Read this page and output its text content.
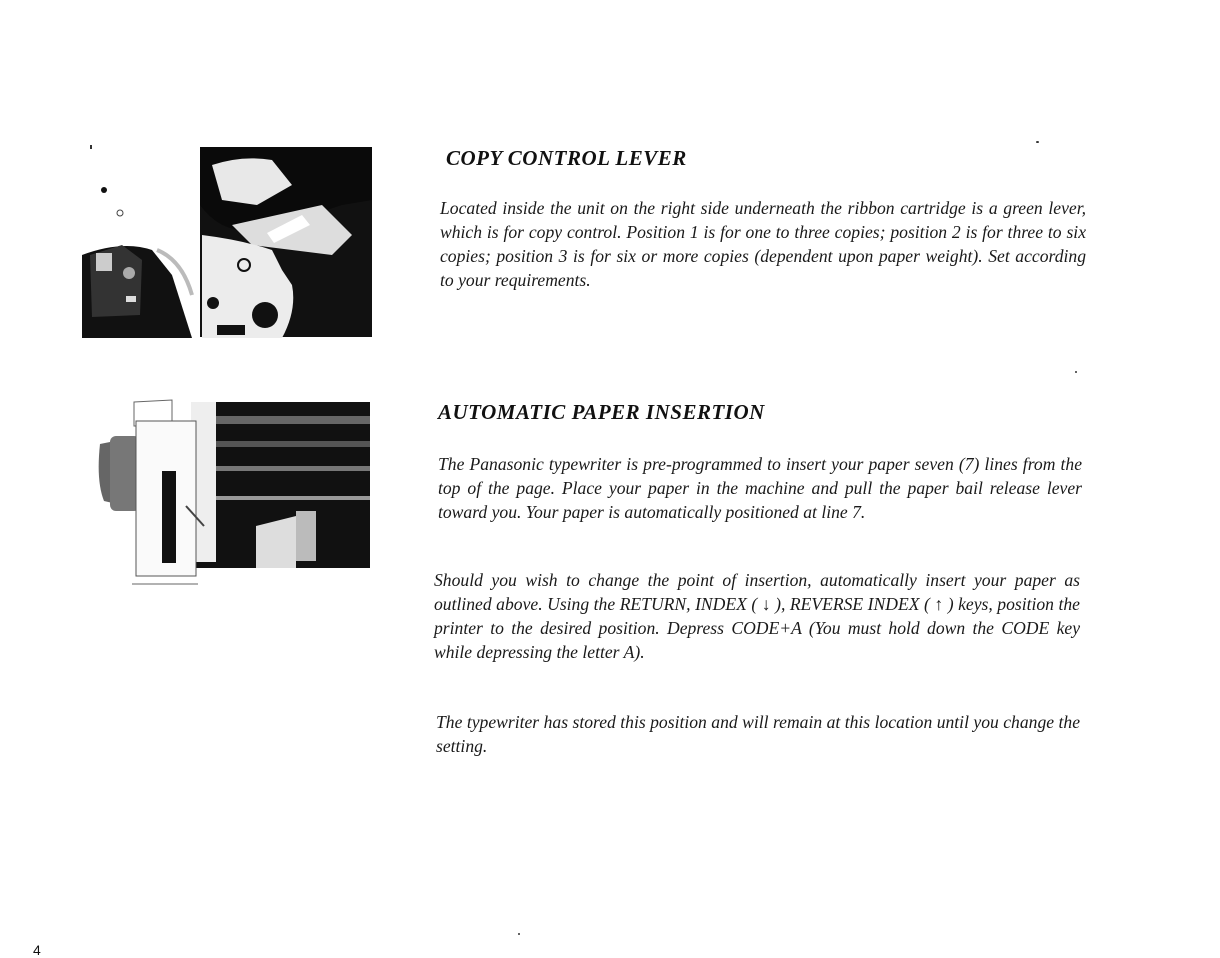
COPY CONTROL LEVER

Located inside the unit on the right side underneath the ribbon cartridge is a green lever, which is for copy control. Position 1 is for one to three copies; position 2 is for three to six copies; position 3 is for six or more copies (dependent upon paper weight). Set according to your requirements.

AUTOMATIC PAPER INSERTION

The Panasonic typewriter is pre-programmed to insert your paper seven (7) lines from the top of the page. Place your paper in the machine and pull the paper bail release lever toward you. Your paper is automatically positioned at line 7.

Should you wish to change the point of insertion, automatically insert your paper as outlined above. Using the RETURN, INDEX ( ↓ ), REVERSE INDEX ( ↑ ) keys, position the printer to the desired position. Depress CODE+A (You must hold down the CODE key while depressing the letter A).

The typewriter has stored this position and will remain at this location until you change the setting.

4
